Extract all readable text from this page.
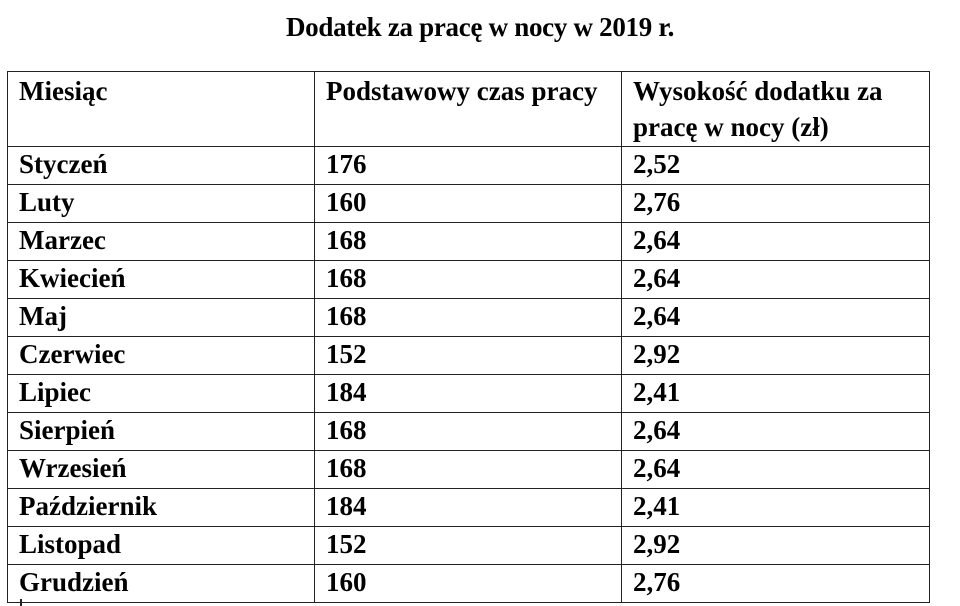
Dodatek za pracę w nocy w 2019 r.
Miesiąc	Podstawowy czas pracy	Wysokość dodatku za pracę w nocy (zł)
Styczeń	176	2,52
Luty	160	2,76
Marzec	168	2,64
Kwiecień	168	2,64
Maj	168	2,64
Czerwiec	152	2,92
Lipiec	184	2,41
Sierpień	168	2,64
Wrzesień	168	2,64
Październik	184	2,41
Listopad	152	2,92
Grudzień	160	2,76
